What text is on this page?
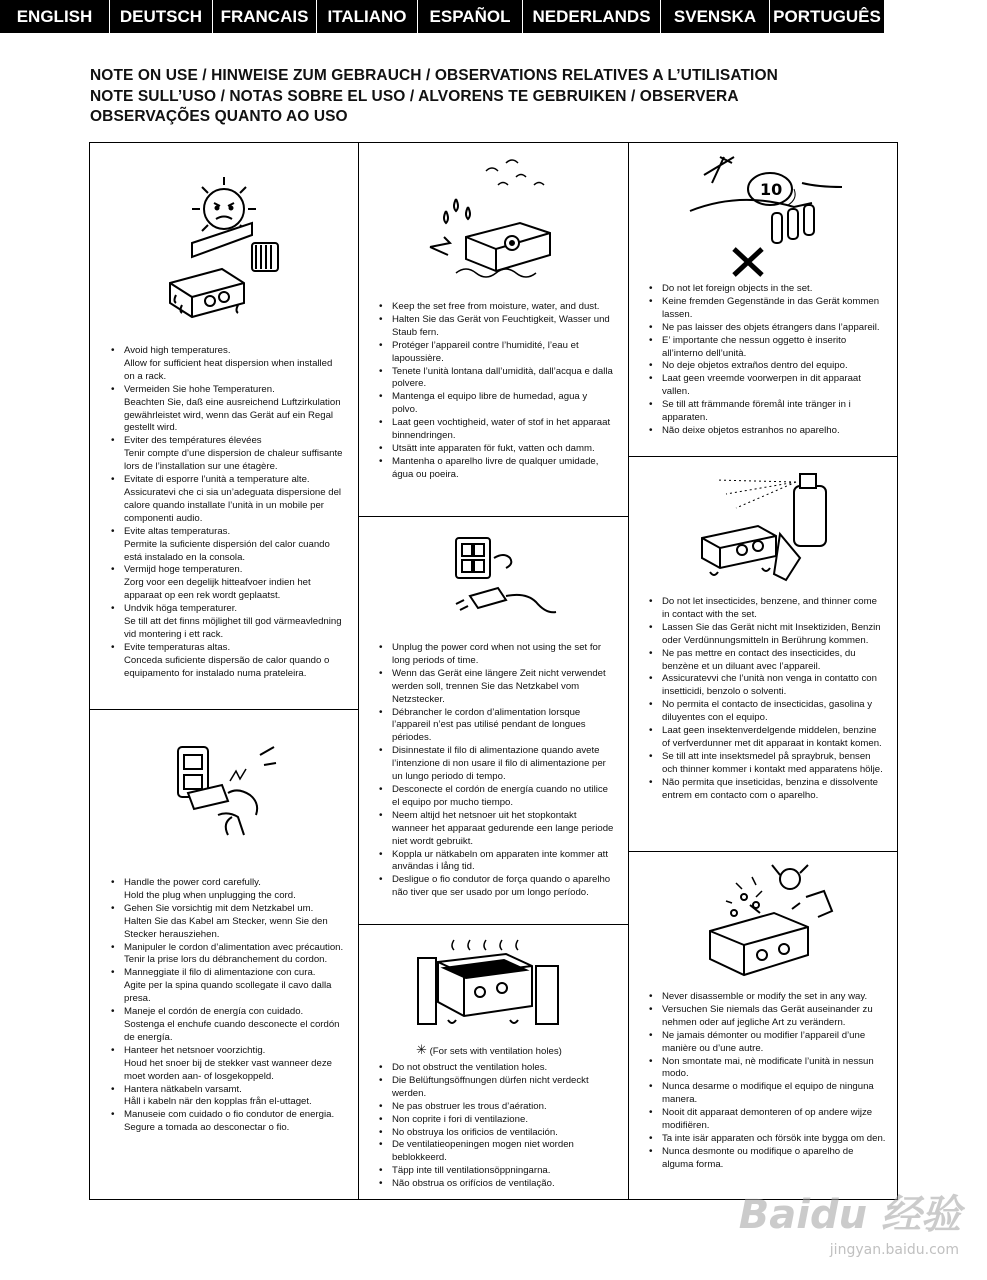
ENGLISH	DEUTSCH	FRANCAIS	ITALIANO	ESPAÑOL	NEDERLANDS	SVENSKA	PORTUGUÊS
NOTE ON USE / HINWEISE ZUM GEBRAUCH / OBSERVATIONS RELATIVES A L’UTILISATION
NOTE SULL’USO / NOTAS SOBRE EL USO / ALVORENS TE GEBRUIKEN / OBSERVERA
OBSERVAÇÕES QUANTO AO USO
• Avoid high temperatures.
Allow for sufficient heat dispersion when installed on a rack.
• Vermeiden Sie hohe Temperaturen.
Beachten Sie, daß eine ausreichend Luftzirkulation gewährleistet wird, wenn das Gerät auf ein Regal gestellt wird.
• Eviter des températures élevées
Tenir compte d’une dispersion de chaleur suffisante lors de l’installation sur une étagère.
• Evitate di esporre l’unità a temperature alte.
Assicuratevi che ci sia un’adeguata dispersione del calore quando installate l’unità in un mobile per componenti audio.
• Evite altas temperaturas.
Permite la suficiente dispersión del calor cuando está instalado en la consola.
• Vermijd hoge temperaturen.
Zorg voor een degelijk hitteafvoer indien het apparaat op een rek wordt geplaatst.
• Undvik höga temperaturer.
Se till att det finns möjlighet till god värmeavledning vid montering i ett rack.
• Evite temperaturas altas.
Conceda suficiente dispersão de calor quando o equipamento for instalado numa prateleira.
• Handle the power cord carefully.
Hold the plug when unplugging the cord.
• Gehen Sie vorsichtig mit dem Netzkabel um.
Halten Sie das Kabel am Stecker, wenn Sie den Stecker herausziehen.
• Manipuler le cordon d’alimentation avec précaution.
Tenir la prise lors du débranchement du cordon.
• Manneggiate il filo di alimentazione con cura.
Agite per la spina quando scollegate il cavo dalla presa.
• Maneje el cordón de energía con cuidado.
Sostenga el enchufe cuando desconecte el cordón de energía.
• Hanteer het netsnoer voorzichtig.
Houd het snoer bij de stekker vast wanneer deze moet worden aan- of losgekoppeld.
• Hantera nätkabeln varsamt.
Håll i kabeln när den kopplas från el-uttaget.
• Manuseie com cuidado o fio condutor de energia.
Segure a tomada ao desconectar o fio.
• Keep the set free from moisture, water, and dust.
• Halten Sie das Gerät von Feuchtigkeit, Wasser und Staub fern.
• Protéger l’appareil contre l’humidité, l’eau et lapoussière.
• Tenete l’unità lontana dall’umidità, dall’acqua e dalla polvere.
• Mantenga el equipo libre de humedad, agua y polvo.
• Laat geen vochtigheid, water of stof in het apparaat binnendringen.
• Utsätt inte apparaten för fukt, vatten och damm.
• Mantenha o aparelho livre de qualquer umidade, água ou poeira.
• Unplug the power cord when not using the set for long periods of time.
• Wenn das Gerät eine längere Zeit nicht verwendet werden soll, trennen Sie das Netzkabel vom Netzstecker.
• Débrancher le cordon d’alimentation lorsque l’appareil n’est pas utilisé pendant de longues périodes.
• Disinnestate il filo di alimentazione quando avete l’intenzione di non usare il filo di alimentazione per un lungo periodo di tempo.
• Desconecte el cordón de energía cuando no utilice el equipo por mucho tiempo.
• Neem altijd het netsnoer uit het stopkontakt wanneer het apparaat gedurende een lange periode niet wordt gebruikt.
• Koppla ur nätkabeln om apparaten inte kommer att användas i lång tid.
• Desligue o fio condutor de força quando o aparelho não tiver que ser usado por um longo período.
✳ (For sets with ventilation holes)
• Do not obstruct the ventilation holes.
• Die Belüftungsöffnungen dürfen nicht verdeckt werden.
• Ne pas obstruer les trous d’aération.
• Non coprite i fori di ventilazione.
• No obstruya los orificios de ventilación.
• De ventilatieopeningen mogen niet worden beblokkeerd.
• Täpp inte till ventilationsöppningarna.
• Não obstrua os orifícios de ventilação.
10
• Do not let foreign objects in the set.
• Keine fremden Gegenstände in das Gerät kommen lassen.
• Ne pas laisser des objets étrangers dans l’appareil.
• E’ importante che nessun oggetto è inserito all’interno dell’unità.
• No deje objetos extraños dentro del equipo.
• Laat geen vreemde voorwerpen in dit apparaat vallen.
• Se till att främmande föremål inte tränger in i apparaten.
• Não deixe objetos estranhos no aparelho.
• Do not let insecticides, benzene, and thinner come in contact with the set.
• Lassen Sie das Gerät nicht mit Insektiziden, Benzin oder Verdünnungsmitteln in Berührung kommen.
• Ne pas mettre en contact des insecticides, du benzène et un diluant avec l’appareil.
• Assicuratevvi che l’unità non venga in contatto con insetticidi, benzolo o solventi.
• No permita el contacto de insecticidas, gasolina y diluyentes con el equipo.
• Laat geen insektenverdelgende middelen, benzine of verfverdunner met dit apparaat in kontakt komen.
• Se till att inte insektsmedel på spraybruk, bensen och thinner kommer i kontakt med apparatens hölje.
• Não permita que inseticidas, benzina e dissolvente entrem em contacto com o aparelho.
• Never disassemble or modify the set in any way.
• Versuchen Sie niemals das Gerät auseinander zu nehmen oder auf jegliche Art zu verändern.
• Ne jamais démonter ou modifier l’appareil d’une manière ou d’une autre.
• Non smontate mai, nè modificate l’unità in nessun modo.
• Nunca desarme o modifique el equipo de ninguna manera.
• Nooit dit apparaat demonteren of op andere wijze modifiëren.
• Ta inte isär apparaten och försök inte bygga om den.
• Nunca desmonte ou modifique o aparelho de alguma forma.
Baidu 经验
jingyan.baidu.com
